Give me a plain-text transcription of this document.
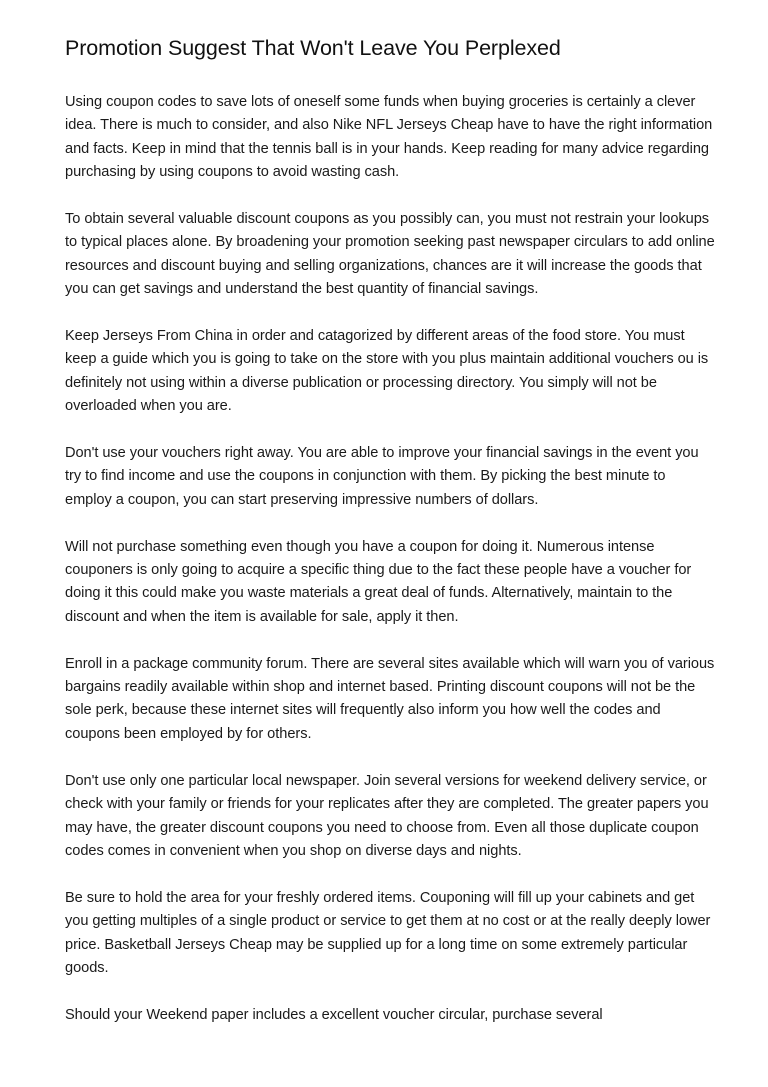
Promotion Suggest That Won't Leave You Perplexed

Using coupon codes to save lots of oneself some funds when buying groceries is certainly a clever idea. There is much to consider, and also Nike NFL Jerseys Cheap have to have the right information and facts. Keep in mind that the tennis ball is in your hands. Keep reading for many advice regarding purchasing by using coupons to avoid wasting cash.

To obtain several valuable discount coupons as you possibly can, you must not restrain your lookups to typical places alone. By broadening your promotion seeking past newspaper circulars to add online resources and discount buying and selling organizations, chances are it will increase the goods that you can get savings and understand the best quantity of financial savings.

Keep Jerseys From China in order and catagorized by different areas of the food store. You must keep a guide which you is going to take on the store with you plus maintain additional vouchers ou is definitely not using within a diverse publication or processing directory. You simply will not be overloaded when you are.

Don't use your vouchers right away. You are able to improve your financial savings in the event you try to find income and use the coupons in conjunction with them. By picking the best minute to employ a coupon, you can start preserving impressive numbers of dollars.

Will not purchase something even though you have a coupon for doing it. Numerous intense couponers is only going to acquire a specific thing due to the fact these people have a voucher for doing it this could make you waste materials a great deal of funds. Alternatively, maintain to the discount and when the item is available for sale, apply it then.

Enroll in a package community forum. There are several sites available which will warn you of various bargains readily available within shop and internet based. Printing discount coupons will not be the sole perk, because these internet sites will frequently also inform you how well the codes and coupons been employed by for others.

Don't use only one particular local newspaper. Join several versions for weekend delivery service, or check with your family or friends for your replicates after they are completed. The greater papers you may have, the greater discount coupons you need to choose from. Even all those duplicate coupon codes comes in convenient when you shop on diverse days and nights.

Be sure to hold the area for your freshly ordered items. Couponing will fill up your cabinets and get you getting multiples of a single product or service to get them at no cost or at the really deeply lower price. Basketball Jerseys Cheap may be supplied up for a long time on some extremely particular goods.

Should your Weekend paper includes a excellent voucher circular, purchase several
